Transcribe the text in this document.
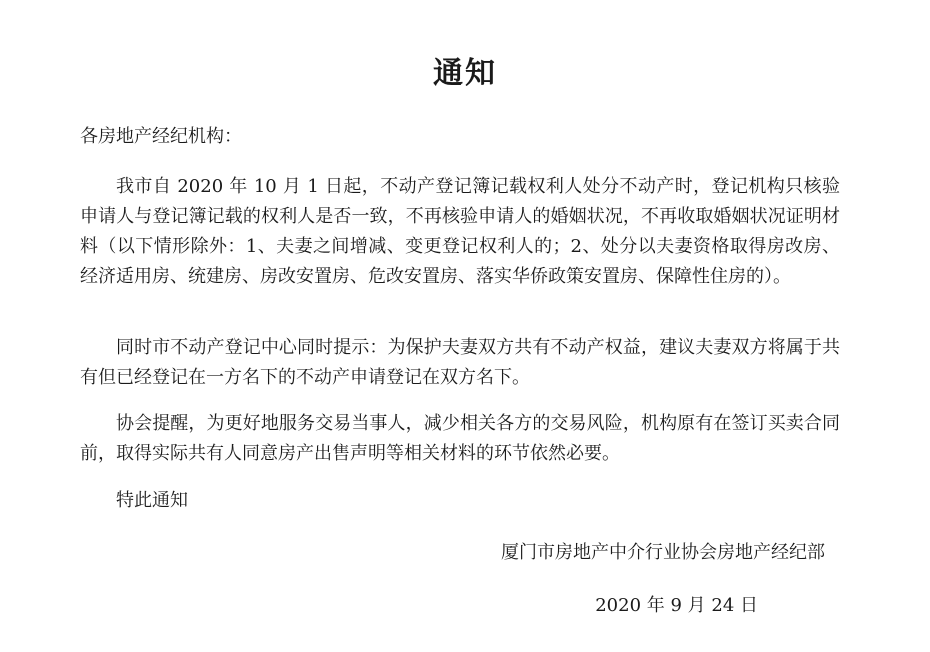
通知
各房地产经纪机构：

我市自 2020 年 10 月 1 日起，不动产登记簿记载权利人处分不动产时，登记机构只核验申请人与登记簿记载的权利人是否一致，不再核验申请人的婚姻状况，不再收取婚姻状况证明材料（以下情形除外：1、夫妻之间增减、变更登记权利人的；2、处分以夫妻资格取得房改房、经济适用房、统建房、房改安置房、危改安置房、落实华侨政策安置房、保障性住房的）。

同时市不动产登记中心同时提示：为保护夫妻双方共有不动产权益，建议夫妻双方将属于共有但已经登记在一方名下的不动产申请登记在双方名下。

协会提醒，为更好地服务交易当事人，减少相关各方的交易风险，机构原有在签订买卖合同前，取得实际共有人同意房产出售声明等相关材料的环节依然必要。

特此通知
厦门市房地产中介行业协会房地产经纪部
2020 年 9 月 24 日
